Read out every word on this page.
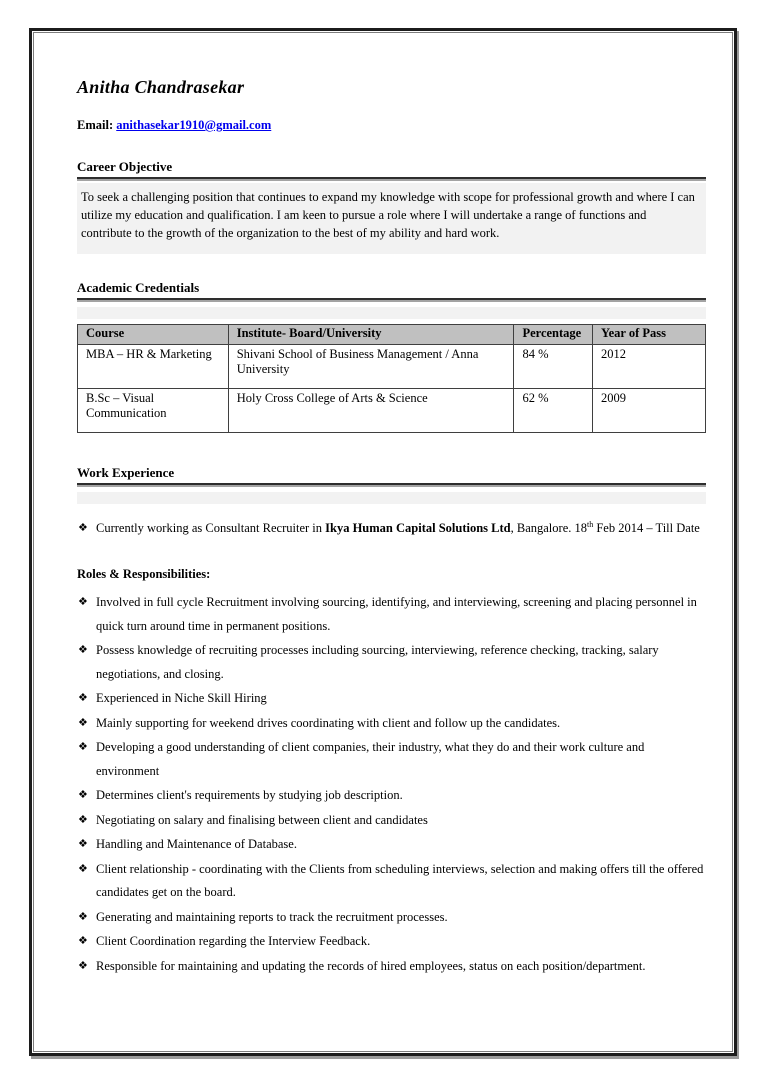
Anitha Chandrasekar
Email: anithasekar1910@gmail.com
Career Objective

To seek a challenging position that continues to expand my knowledge with scope for professional growth and where I can utilize my education and qualification. I am keen to pursue a role where I will undertake a range of functions and contribute to the growth of the organization to the best of my ability and hard work.

Academic Credentials
Course	Institute- Board/University	Percentage	Year of Pass
MBA – HR & Marketing	Shivani School of Business Management / Anna University	84 %	2012
B.Sc – Visual Communication	Holy Cross College of Arts & Science	62 %	2009
Work Experience
❖ Currently working as Consultant Recruiter in Ikya Human Capital Solutions Ltd, Bangalore. 18th Feb 2014 – Till Date
Roles & Responsibilities:
❖ Involved in full cycle Recruitment involving sourcing, identifying, and interviewing, screening and placing personnel in quick turn around time in permanent positions.
❖ Possess knowledge of recruiting processes including sourcing, interviewing, reference checking, tracking, salary negotiations, and closing.
❖ Experienced in Niche Skill Hiring
❖ Mainly supporting for weekend drives coordinating with client and follow up the candidates.
❖ Developing a good understanding of client companies, their industry, what they do and their work culture and environment
❖ Determines client's requirements by studying job description.
❖ Negotiating on salary and finalising between client and candidates
❖ Handling and Maintenance of Database.
❖ Client relationship - coordinating with the Clients from scheduling interviews, selection and making offers till the offered candidates get on the board.
❖ Generating and maintaining reports to track the recruitment processes.
❖ Client Coordination regarding the Interview Feedback.
❖ Responsible for maintaining and updating the records of hired employees, status on each position/department.
